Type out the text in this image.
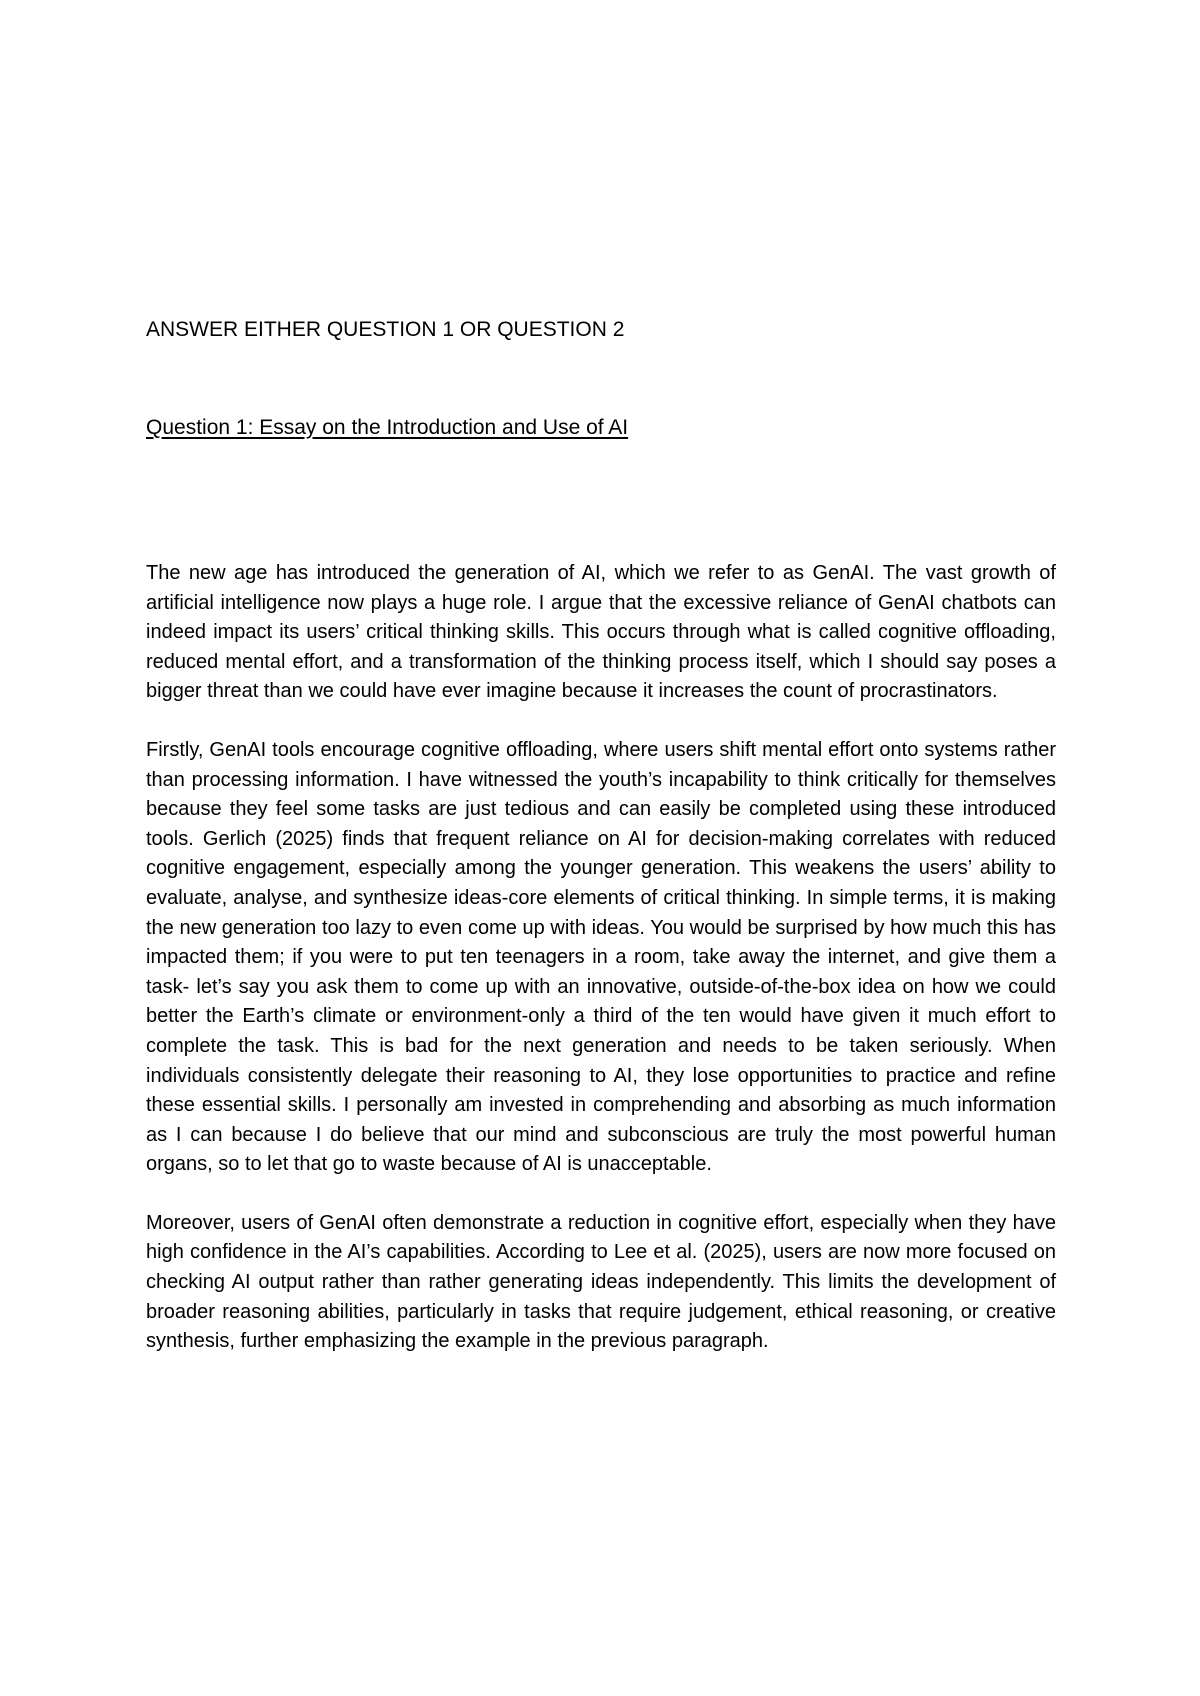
ANSWER EITHER QUESTION 1 OR QUESTION 2

Question 1: Essay on the Introduction and Use of AI

The new age has introduced the generation of AI, which we refer to as GenAI. The vast growth of artificial intelligence now plays a huge role. I argue that the excessive reliance of GenAI chatbots can indeed impact its users’ critical thinking skills. This occurs through what is called cognitive offloading, reduced mental effort, and a transformation of the thinking process itself, which I should say poses a bigger threat than we could have ever imagine because it increases the count of procrastinators.

Firstly, GenAI tools encourage cognitive offloading, where users shift mental effort onto systems rather than processing information. I have witnessed the youth’s incapability to think critically for themselves because they feel some tasks are just tedious and can easily be completed using these introduced tools. Gerlich (2025) finds that frequent reliance on AI for decision-making correlates with reduced cognitive engagement, especially among the younger generation. This weakens the users’ ability to evaluate, analyse, and synthesize ideas-core elements of critical thinking. In simple terms, it is making the new generation too lazy to even come up with ideas. You would be surprised by how much this has impacted them; if you were to put ten teenagers in a room, take away the internet, and give them a task- let’s say you ask them to come up with an innovative, outside-of-the-box idea on how we could better the Earth’s climate or environment-only a third of the ten would have given it much effort to complete the task. This is bad for the next generation and needs to be taken seriously. When individuals consistently delegate their reasoning to AI, they lose opportunities to practice and refine these essential skills. I personally am invested in comprehending and absorbing as much information as I can because I do believe that our mind and subconscious are truly the most powerful human organs, so to let that go to waste because of AI is unacceptable.

Moreover, users of GenAI often demonstrate a reduction in cognitive effort, especially when they have high confidence in the AI’s capabilities. According to Lee et al. (2025), users are now more focused on checking AI output rather than rather generating ideas independently. This limits the development of broader reasoning abilities, particularly in tasks that require judgement, ethical reasoning, or creative synthesis, further emphasizing the example in the previous paragraph.
